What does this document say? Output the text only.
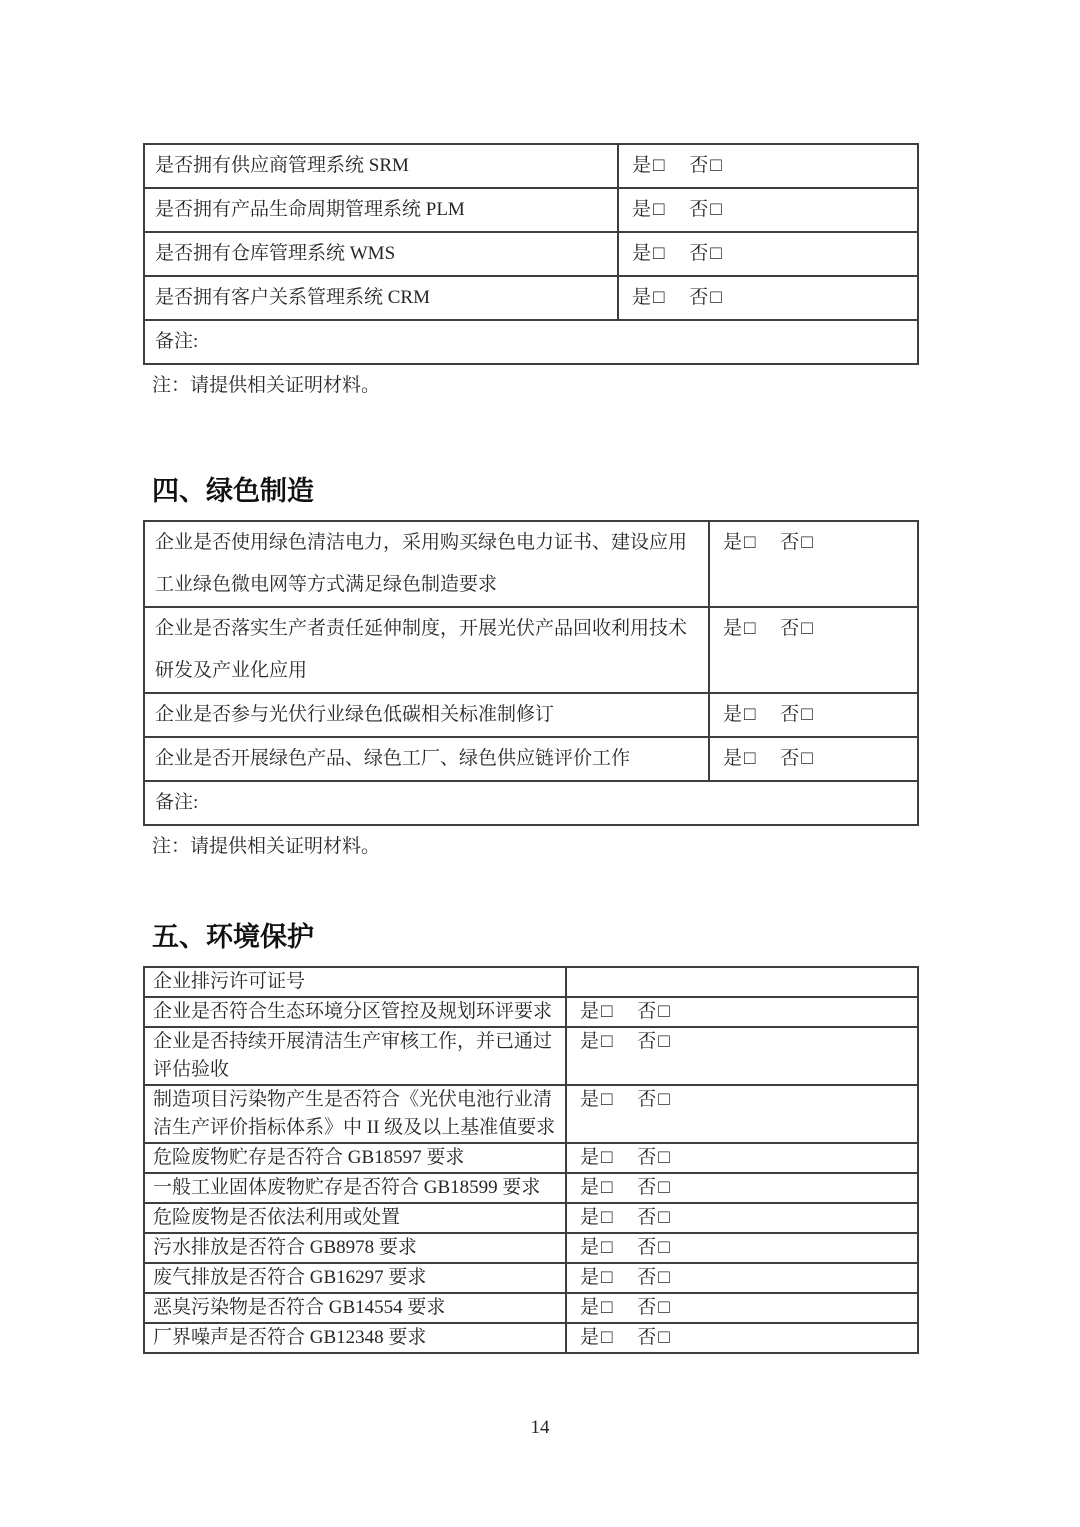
是否拥有供应商管理系统 SRM	是 □ 否 □
是否拥有产品生命周期管理系统 PLM	是 □ 否 □
是否拥有仓库管理系统 WMS	是 □ 否 □
是否拥有客户关系管理系统 CRM	是 □ 否 □
备注:
注：请提供相关证明材料。
四、绿色制造
企业是否使用绿色清洁电力，采用购买绿色电力证书、建设应用工业绿色微电网等方式满足绿色制造要求
是 □ 否 □
企业是否落实生产者责任延伸制度，开展光伏产品回收利用技术研发及产业化应用
是 □ 否 □
企业是否参与光伏行业绿色低碳相关标准制修订	是 □ 否 □
企业是否开展绿色产品、绿色工厂、绿色供应链评价工作	是 □ 否 □
备注:
注：请提供相关证明材料。
五、环境保护
企业排污许可证号
企业是否符合生态环境分区管控及规划环评要求	是 □ 否 □
企业是否持续开展清洁生产审核工作，并已通过评估验收
是 □ 否 □
制造项目污染物产生是否符合《光伏电池行业清洁生产评价指标体系》中 II 级及以上基准值要求
是 □ 否 □
危险废物贮存是否符合 GB18597 要求	是 □ 否 □
一般工业固体废物贮存是否符合 GB18599 要求	是 □ 否 □
危险废物是否依法利用或处置	是 □ 否 □
污水排放是否符合 GB8978 要求	是 □ 否 □
废气排放是否符合 GB16297 要求	是 □ 否 □
恶臭污染物是否符合 GB14554 要求	是 □ 否 □
厂界噪声是否符合 GB12348 要求	是 □ 否 □
14
